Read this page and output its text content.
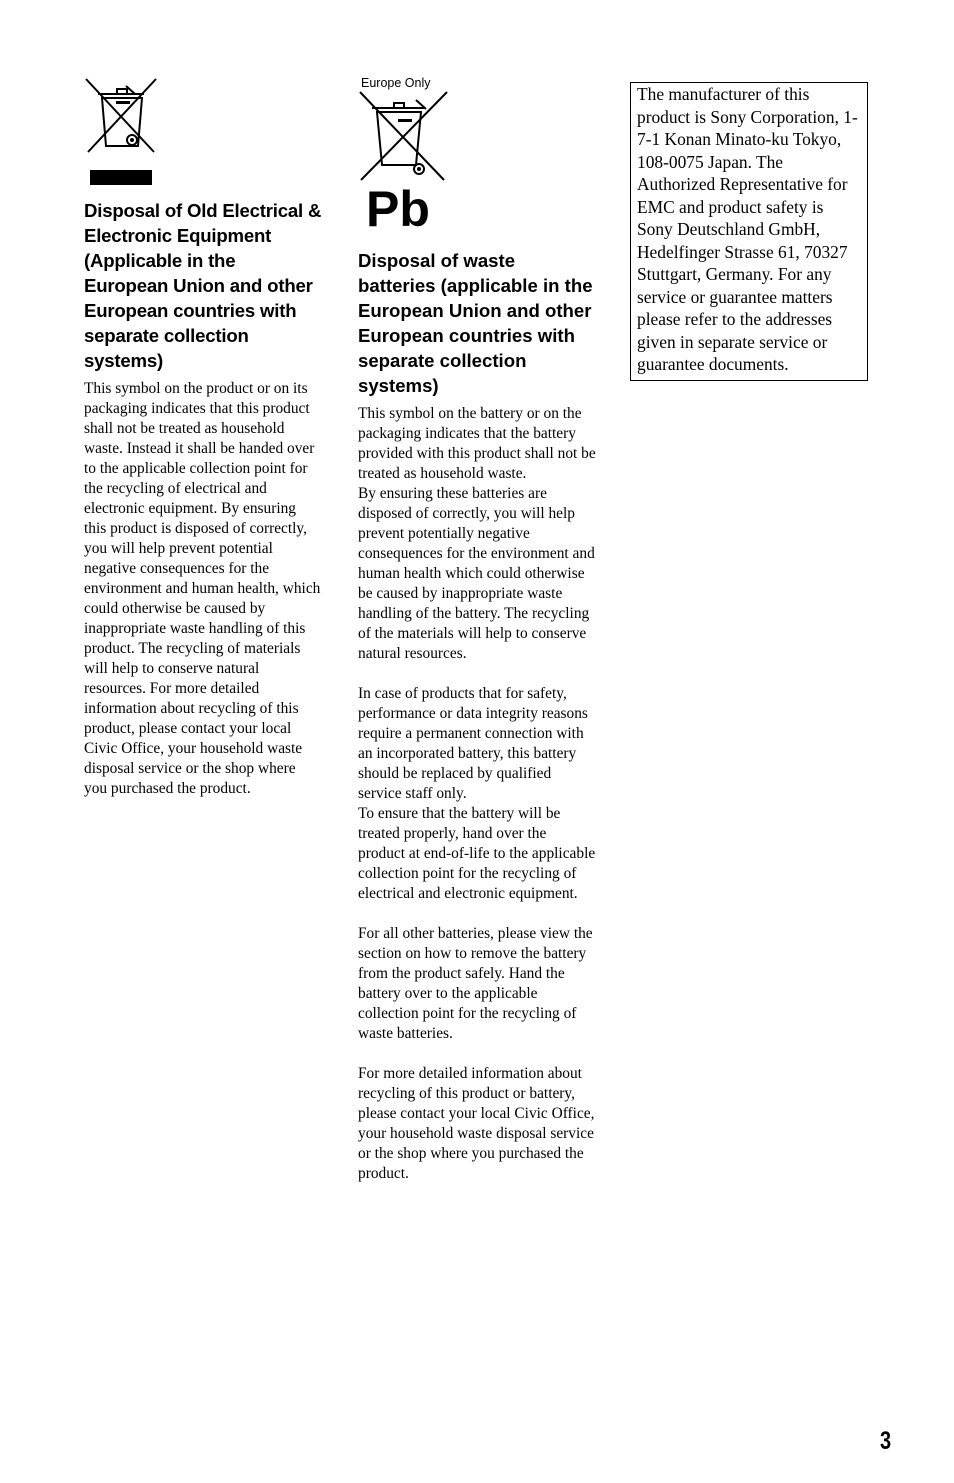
Disposal of Old Electrical & Electronic Equipment (Applicable in the European Union and other European countries with separate collection systems)

This symbol on the product or on its packaging indicates that this product shall not be treated as household waste. Instead it shall be handed over to the applicable collection point for the recycling of electrical and electronic equipment. By ensuring this product is disposed of correctly, you will help prevent potential negative consequences for the environment and human health, which could otherwise be caused by inappropriate waste handling of this product. The recycling of materials will help to conserve natural resources. For more detailed information about recycling of this product, please contact your local Civic Office, your household waste disposal service or the shop where you purchased the product.

Europe Only
Pb

Disposal of waste batteries (applicable in the European Union and other European countries with separate collection systems)

This symbol on the battery or on the packaging indicates that the battery provided with this product shall not be treated as household waste.

By ensuring these batteries are disposed of correctly, you will help prevent potentially negative consequences for the environment and human health which could otherwise be caused by inappropriate waste handling of the battery. The recycling of the materials will help to conserve natural resources.

In case of products that for safety, performance or data integrity reasons require a permanent connection with an incorporated battery, this battery should be replaced by qualified service staff only.

To ensure that the battery will be treated properly, hand over the product at end-of-life to the applicable collection point for the recycling of electrical and electronic equipment.

For all other batteries, please view the section on how to remove the battery from the product safely. Hand the battery over to the applicable collection point for the recycling of waste batteries.

For more detailed information about recycling of this product or battery, please contact your local Civic Office, your household waste disposal service or the shop where you purchased the product.

The manufacturer of this product is Sony Corporation, 1-7-1 Konan Minato-ku Tokyo, 108-0075 Japan. The Authorized Representative for EMC and product safety is Sony Deutschland GmbH, Hedelfinger Strasse 61, 70327 Stuttgart, Germany. For any service or guarantee matters please refer to the addresses given in separate service or guarantee documents.
3
